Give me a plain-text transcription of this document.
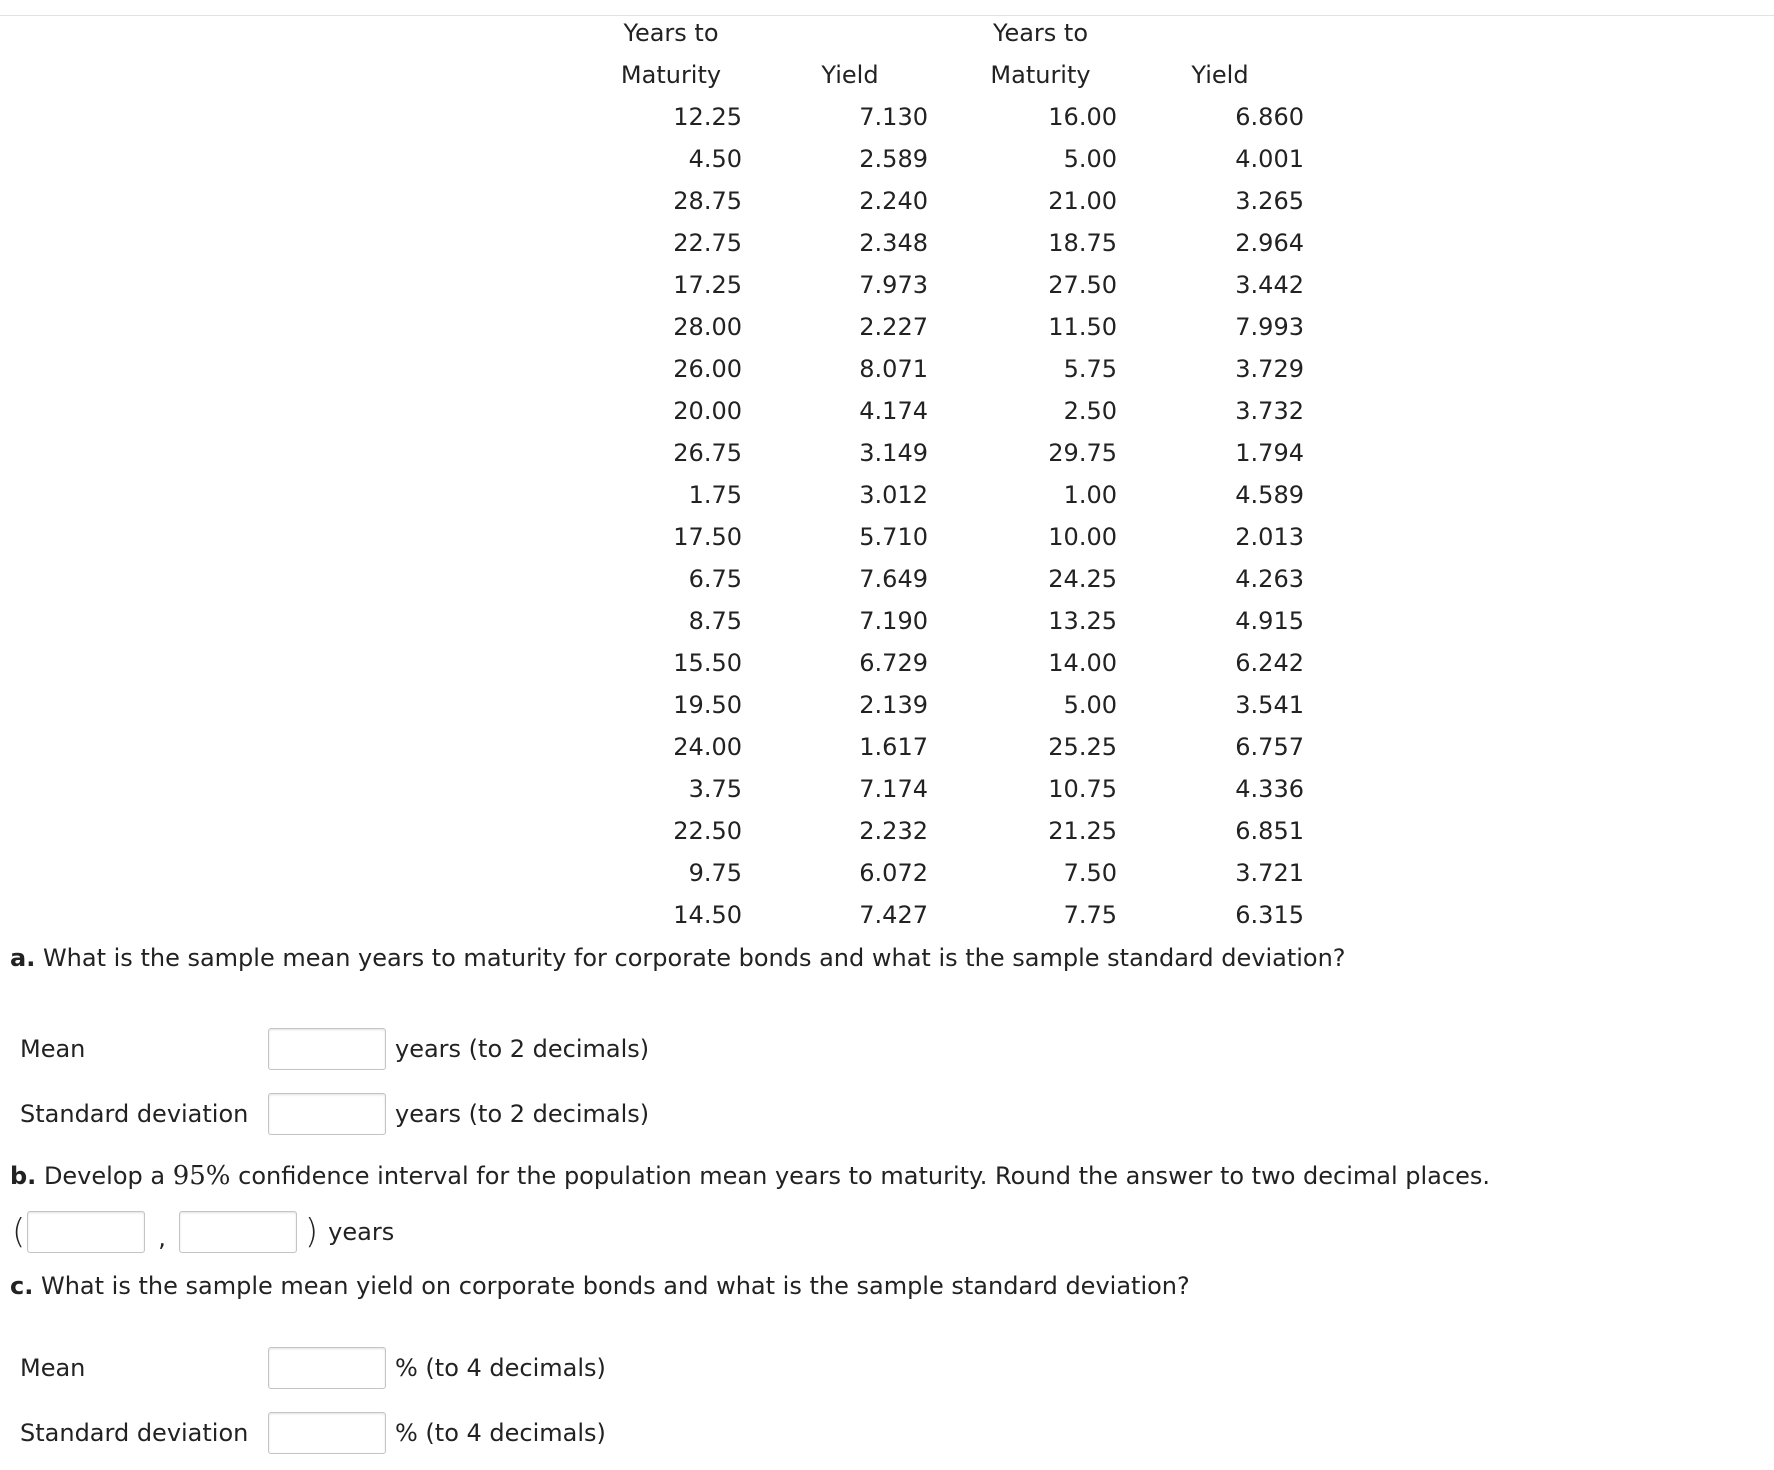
Years to		Years to	
Maturity	Yield	Maturity	Yield
12.25	7.130	16.00	6.860
4.50	2.589	5.00	4.001
28.75	2.240	21.00	3.265
22.75	2.348	18.75	2.964
17.25	7.973	27.50	3.442
28.00	2.227	11.50	7.993
26.00	8.071	5.75	3.729
20.00	4.174	2.50	3.732
26.75	3.149	29.75	1.794
1.75	3.012	1.00	4.589
17.50	5.710	10.00	2.013
6.75	7.649	24.25	4.263
8.75	7.190	13.25	4.915
15.50	6.729	14.00	6.242
19.50	2.139	5.00	3.541
24.00	1.617	25.25	6.757
3.75	7.174	10.75	4.336
22.50	2.232	21.25	6.851
9.75	6.072	7.50	3.721
14.50	7.427	7.75	6.315
a. What is the sample mean years to maturity for corporate bonds and what is the sample standard deviation?
Mean	years (to 2 decimals)
Standard deviation	years (to 2 decimals)
b. Develop a 95% confidence interval for the population mean years to maturity. Round the answer to two decimal places.
(	,	) years
c. What is the sample mean yield on corporate bonds and what is the sample standard deviation?
Mean	% (to 4 decimals)
Standard deviation	% (to 4 decimals)
